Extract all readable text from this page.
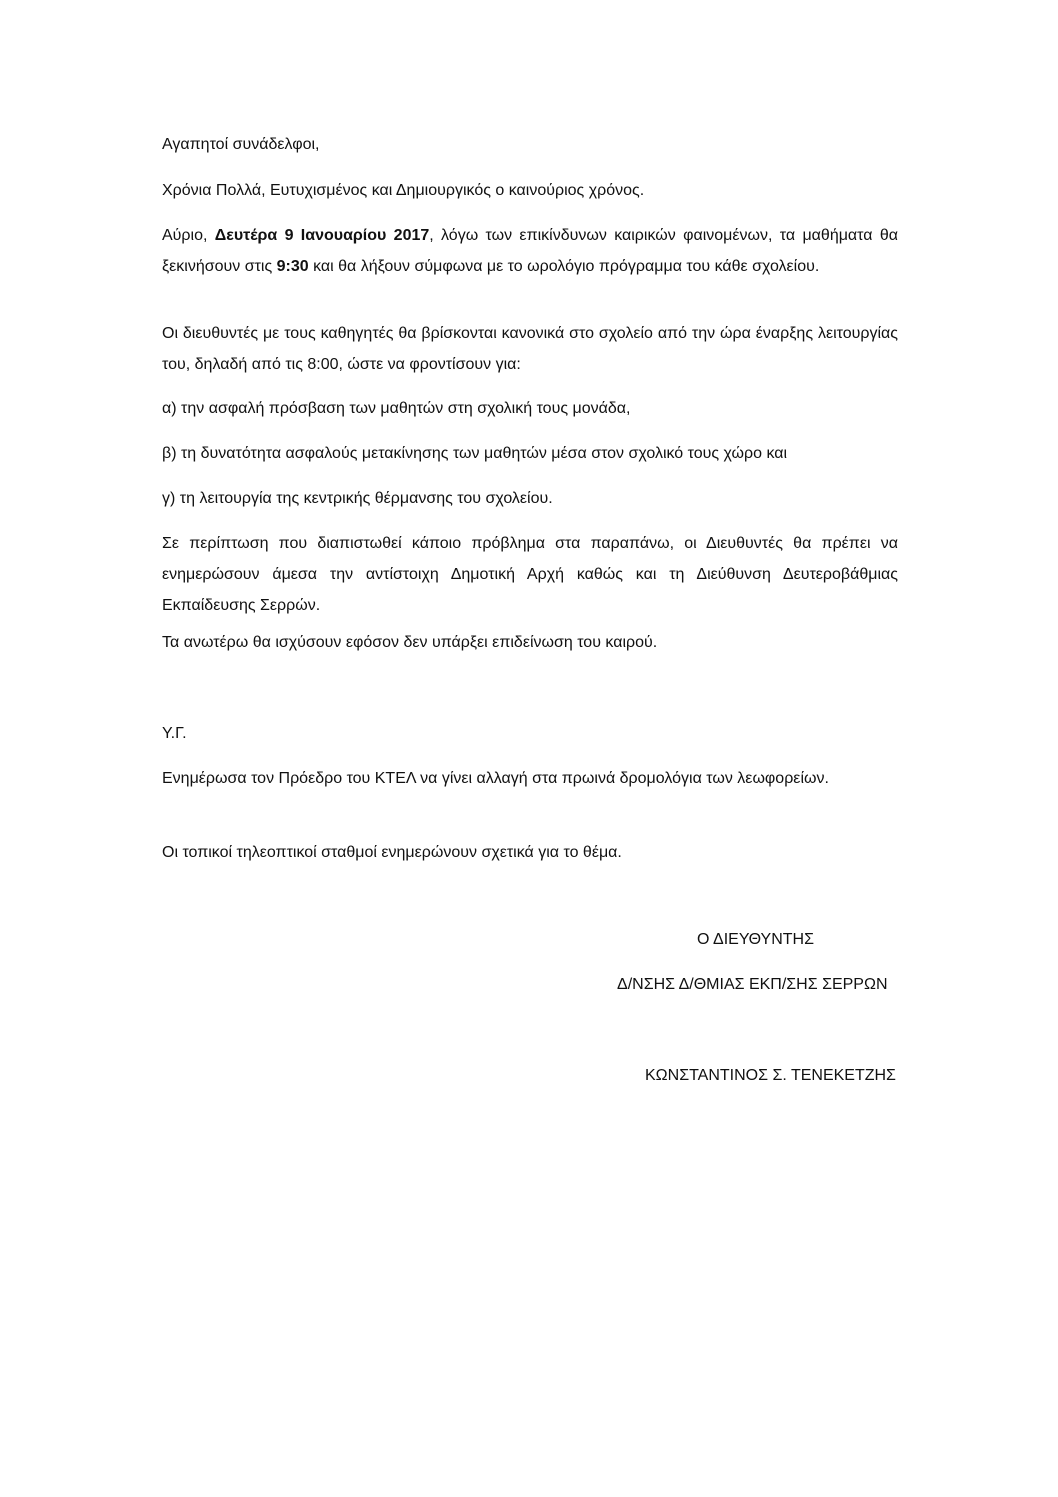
Αγαπητοί συνάδελφοι,

Χρόνια Πολλά, Ευτυχισμένος και Δημιουργικός ο καινούριος χρόνος.

Αύριο, Δευτέρα 9 Ιανουαρίου 2017, λόγω των επικίνδυνων καιρικών φαινομένων, τα μαθήματα θα ξεκινήσουν στις 9:30 και θα λήξουν σύμφωνα με το ωρολόγιο πρόγραμμα του κάθε σχολείου.

Οι διευθυντές με τους καθηγητές θα βρίσκονται κανονικά στο σχολείο από την ώρα έναρξης λειτουργίας του, δηλαδή από τις 8:00, ώστε να φροντίσουν για:

α) την ασφαλή πρόσβαση των μαθητών στη σχολική τους μονάδα,

β) τη δυνατότητα ασφαλούς μετακίνησης των μαθητών μέσα στον σχολικό τους χώρο και

γ) τη λειτουργία της κεντρικής θέρμανσης του σχολείου.

Σε περίπτωση που διαπιστωθεί κάποιο πρόβλημα στα παραπάνω, οι Διευθυντές θα πρέπει να ενημερώσουν άμεσα την αντίστοιχη Δημοτική Αρχή καθώς και τη Διεύθυνση Δευτεροβάθμιας Εκπαίδευσης Σερρών.

Τα ανωτέρω θα ισχύσουν εφόσον δεν υπάρξει επιδείνωση του καιρού.

Υ.Γ.

Ενημέρωσα τον Πρόεδρο του ΚΤΕΛ να γίνει αλλαγή στα πρωινά δρομολόγια των λεωφορείων.

Οι τοπικοί τηλεοπτικοί σταθμοί ενημερώνουν σχετικά για το θέμα.

Ο ΔΙΕΥΘΥΝΤΗΣ

Δ/ΝΣΗΣ Δ/ΘΜΙΑΣ ΕΚΠ/ΣΗΣ ΣΕΡΡΩΝ

ΚΩΝΣΤΑΝΤΙΝΟΣ Σ. ΤΕΝΕΚΕΤΖΗΣ
